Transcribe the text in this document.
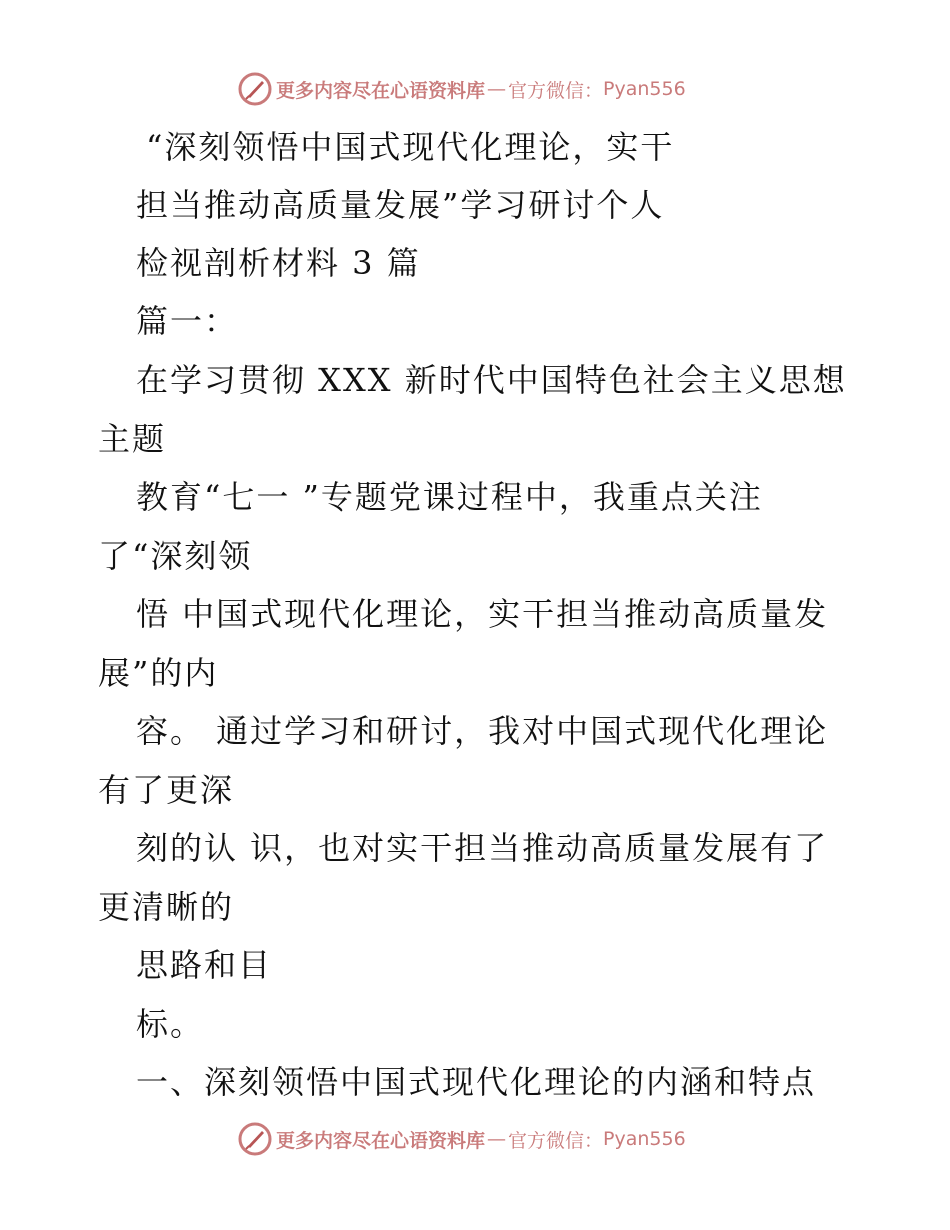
更多内容尽在心语资料库 — 官方微信： Pyan556
“深刻领悟中国式现代化理论，实干
担当推动高质量发展”学习研讨个人
检视剖析材料 3 篇
篇一：
在学习贯彻 XXX 新时代中国特色社会主义思想
主题
教育“七一 ”专题党课过程中，我重点关注
了“深刻领
悟 中国式现代化理论，实干担当推动高质量发
展”的内
容。 通过学习和研讨，我对中国式现代化理论
有了更深
刻的认 识，也对实干担当推动高质量发展有了
更清晰的
思路和目
标。
一、深刻领悟中国式现代化理论的内涵和特点
更多内容尽在心语资料库 — 官方微信： Pyan556
